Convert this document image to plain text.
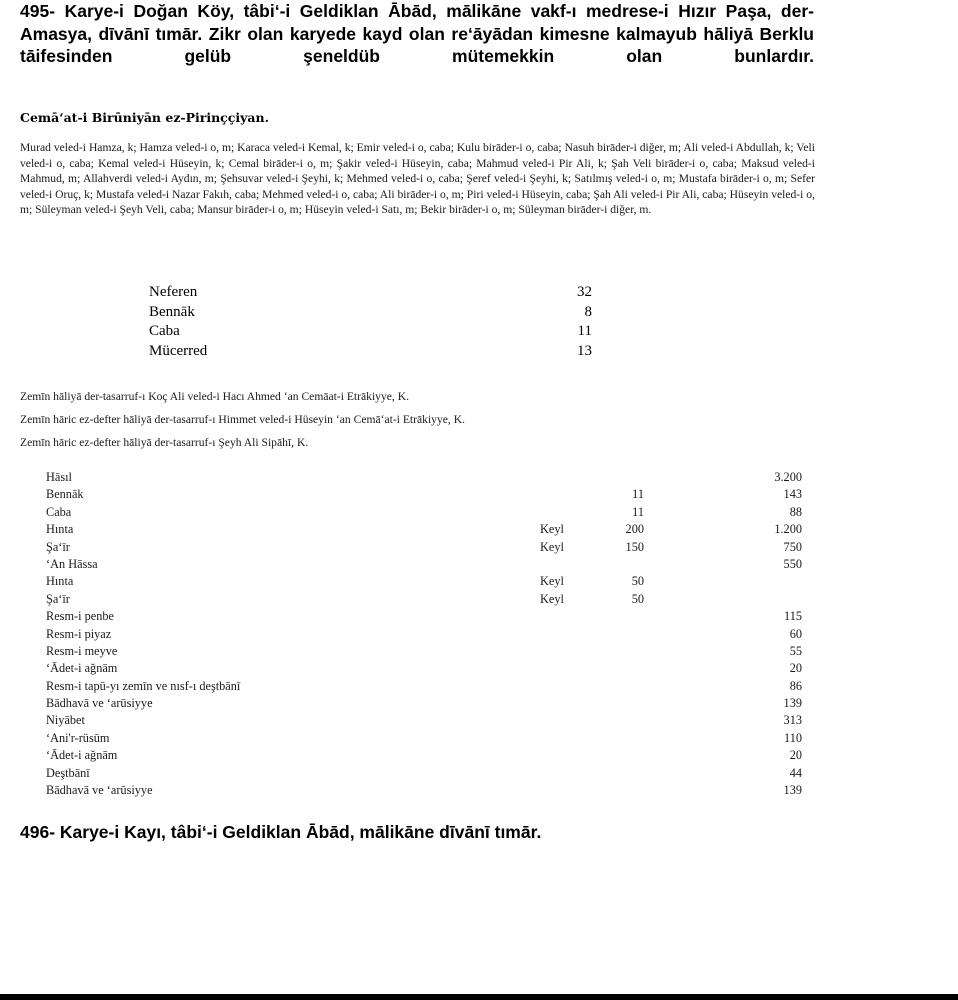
495- Karye-i Doğan Köy, tâbi‘-i Geldiklan Ābād, mālikāne vakf-ı medrese-i Hızır Paşa, der-Amasya, dīvānī tımār. Zikr olan karyede kayd olan re‘āyādan kimesne kalmayub hāliyā Berklu tāifesinden gelüb şeneldüb mütemekkin olan bunlardır.
Cemā‘at-i Birūniyān ez-Pirinççiyan.

Murad veled-i Hamza, k; Hamza veled-i o, m; Karaca veled-i Kemal, k; Emir veled-i o, caba; Kulu birāder-i o, caba; Nasuh birāder-i diğer, m; Ali veled-i Abdullah, k; Veli veled-i o, caba; Kemal veled-i Hüseyin, k; Cemal birāder-i o, m; Şakir veled-i Hüseyin, caba; Mahmud veled-i Pir Ali, k; Şah Veli birāder-i o, caba; Maksud veled-i Mahmud, m; Allahverdi veled-i Aydın, m; Şehsuvar veled-i Şeyhi, k; Mehmed veled-i o, caba; Şeref veled-i Şeyhi, k; Satılmış veled-i o, m; Mustafa birāder-i o, m; Sefer veled-i Oruç, k; Mustafa veled-i Nazar Fakıh, caba; Mehmed veled-i o, caba; Ali birāder-i o, m; Piri veled-i Hüseyin, caba; Şah Ali veled-i Pir Ali, caba; Hüseyin veled-i o, m; Süleyman veled-i Şeyh Veli, caba; Mansur birāder-i o, m; Hüseyin veled-i Satı, m; Bekir birāder-i o, m; Süleyman birāder-i diğer, m.

Neferen	32
Bennāk	8
Caba	11
Mücerred	13
Zemīn hāliyā der-tasarruf-ı Koç Ali veled-i Hacı Ahmed ‘an Cemāat-i Etrākiyye, K.
Zemīn hāric ez-defter hāliyā der-tasarruf-ı Himmet veled-i Hüseyin ‘an Cemā‘at-i Etrākiyye, K.
Zemīn hāric ez-defter hāliyā der-tasarruf-ı Şeyh Ali Sipāhī, K.
Hāsıl	3.200
Bennāk	11	143
Caba	11	88
Hınta	Keyl	200	1.200
Şa‘īr	Keyl	150	750
‘An Hāssa	550
Hınta	Keyl	50
Şa‘īr	Keyl	50
Resm-i penbe	115
Resm-i piyaz	60
Resm-i meyve	55
‘Ādet-i ağnām	20
Resm-i tapū-yı zemīn ve nısf-ı deştbānī	86
Bādhavā ve ‘arūsiyye	139
Niyābet	313
‘Ani'r-rüsūm	110
‘Ādet-i ağnām	20
Deştbānī	44
Bādhavā ve ‘arūsiyye	139
496- Karye-i Kayı, tâbi‘-i Geldiklan Ābād, mālikāne dīvānī tımār.
